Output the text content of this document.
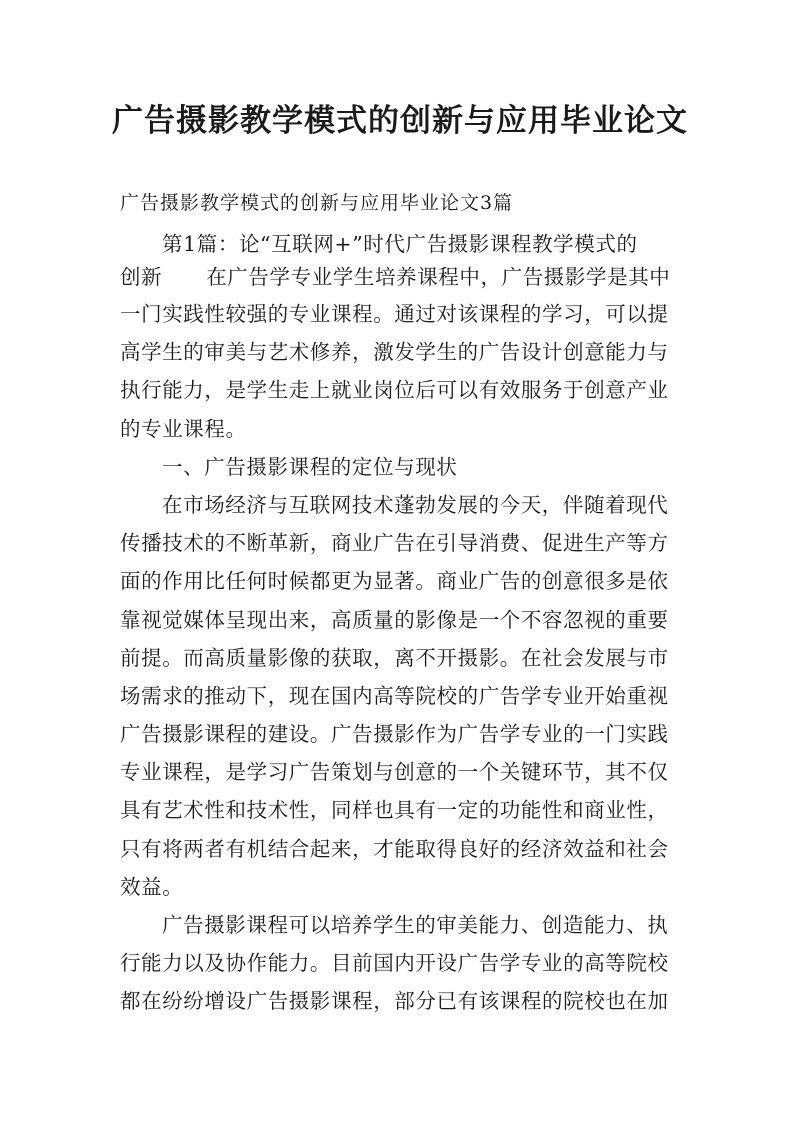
广告摄影教学模式的创新与应用毕业论文
广告摄影教学模式的创新与应用毕业论文3篇
第1篇：论“互联网+”时代广告摄影课程教学模式的
创新 在广告学专业学生培养课程中，广告摄影学是其中
一门实践性较强的专业课程。通过对该课程的学习，可以提
高学生的审美与艺术修养，激发学生的广告设计创意能力与
执行能力，是学生走上就业岗位后可以有效服务于创意产业
的专业课程。
一、广告摄影课程的定位与现状
在市场经济与互联网技术蓬勃发展的今天，伴随着现代
传播技术的不断革新，商业广告在引导消费、促进生产等方
面的作用比任何时候都更为显著。商业广告的创意很多是依
靠视觉媒体呈现出来，高质量的影像是一个不容忽视的重要
前提。而高质量影像的获取，离不开摄影。在社会发展与市
场需求的推动下，现在国内高等院校的广告学专业开始重视
广告摄影课程的建设。广告摄影作为广告学专业的一门实践
专业课程，是学习广告策划与创意的一个关键环节，其不仅
具有艺术性和技术性，同样也具有一定的功能性和商业性，
只有将两者有机结合起来，才能取得良好的经济效益和社会
效益。
广告摄影课程可以培养学生的审美能力、创造能力、执
行能力以及协作能力。目前国内开设广告学专业的高等院校
都在纷纷增设广告摄影课程，部分已有该课程的院校也在加
